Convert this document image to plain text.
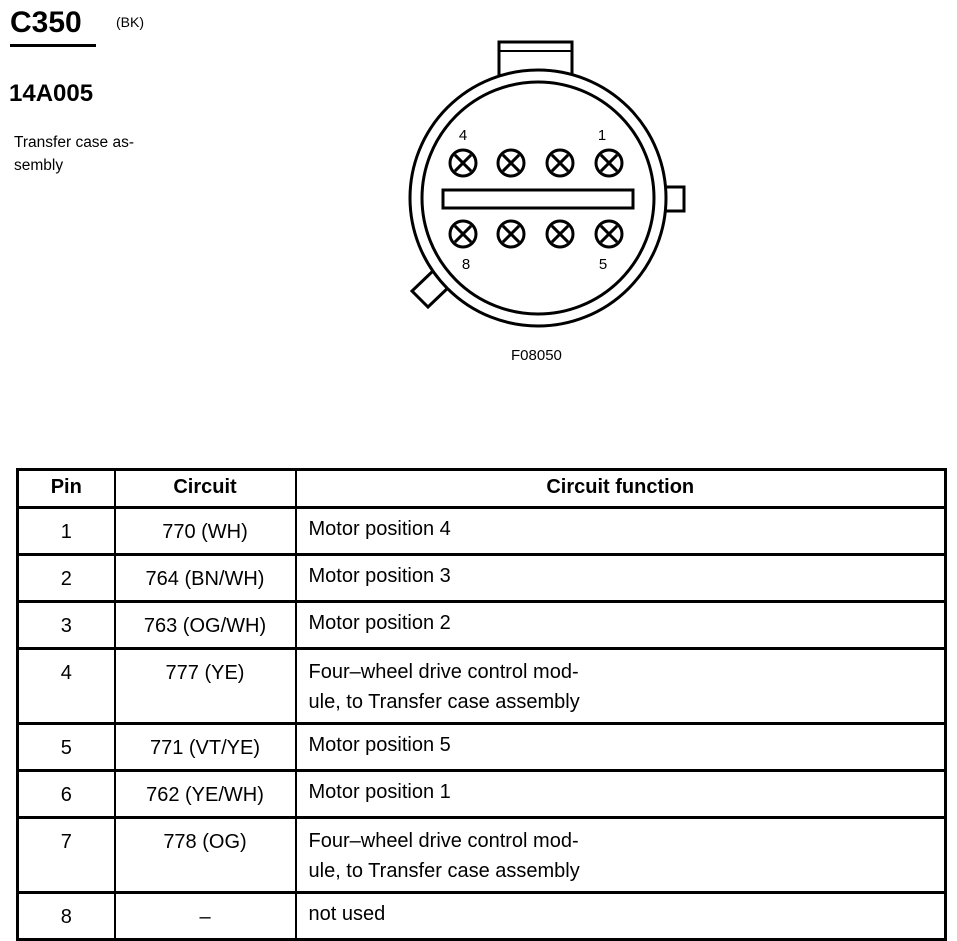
C350 (BK)
14A005
Transfer case as-
sembly
4	1
8	5
F08050
Pin	Circuit	Circuit function
1	770 (WH)	Motor position 4

2	764 (BN/WH)	Motor position 3

3	763 (OG/WH)	Motor position 2

4	777 (YE)	Four–wheel drive control mod-
ule, to Transfer case assembly

5	771 (VT/YE)	Motor position 5

6	762 (YE/WH)	Motor position 1

7	778 (OG)	Four–wheel drive control mod-
ule, to Transfer case assembly

8	–	not used
